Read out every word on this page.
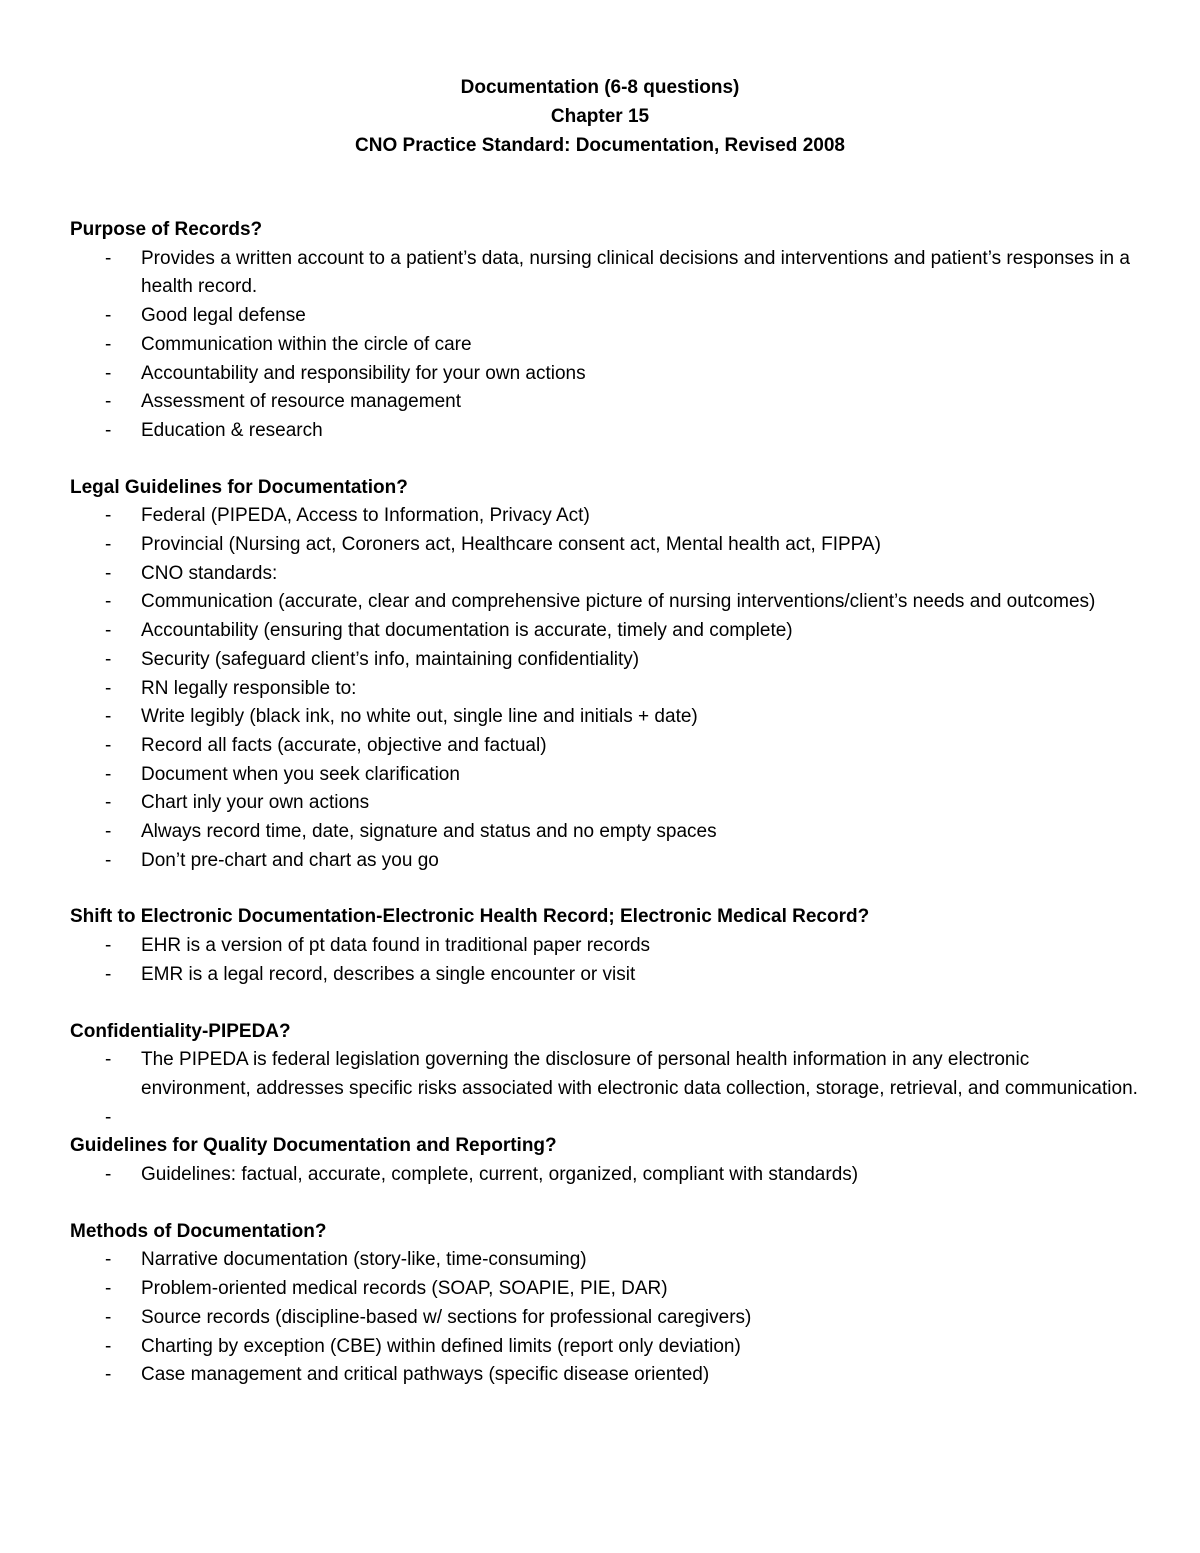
Documentation (6-8 questions)
Chapter 15
CNO Practice Standard: Documentation, Revised 2008
Purpose of Records?
- Provides a written account to a patient’s data, nursing clinical decisions and interventions and patient’s responses in a health record.
- Good legal defense
- Communication within the circle of care
- Accountability and responsibility for your own actions
- Assessment of resource management
- Education & research
Legal Guidelines for Documentation?
- Federal (PIPEDA, Access to Information, Privacy Act)
- Provincial (Nursing act, Coroners act, Healthcare consent act, Mental health act, FIPPA)
- CNO standards:
- Communication (accurate, clear and comprehensive picture of nursing interventions/client’s needs and outcomes)
- Accountability (ensuring that documentation is accurate, timely and complete)
- Security (safeguard client’s info, maintaining confidentiality)
- RN legally responsible to:
- Write legibly (black ink, no white out, single line and initials + date)
- Record all facts (accurate, objective and factual)
- Document when you seek clarification
- Chart inly your own actions
- Always record time, date, signature and status and no empty spaces
- Don’t pre-chart and chart as you go
Shift to Electronic Documentation-Electronic Health Record; Electronic Medical Record?
- EHR is a version of pt data found in traditional paper records
- EMR is a legal record, describes a single encounter or visit
Confidentiality-PIPEDA?
- The PIPEDA is federal legislation governing the disclosure of personal health information in any electronic environment, addresses specific risks associated with electronic data collection, storage, retrieval, and communication.
-
Guidelines for Quality Documentation and Reporting?
- Guidelines: factual, accurate, complete, current, organized, compliant with standards)
Methods of Documentation?
- Narrative documentation (story-like, time-consuming)
- Problem-oriented medical records (SOAP, SOAPIE, PIE, DAR)
- Source records (discipline-based w/ sections for professional caregivers)
- Charting by exception (CBE) within defined limits (report only deviation)
- Case management and critical pathways (specific disease oriented)
